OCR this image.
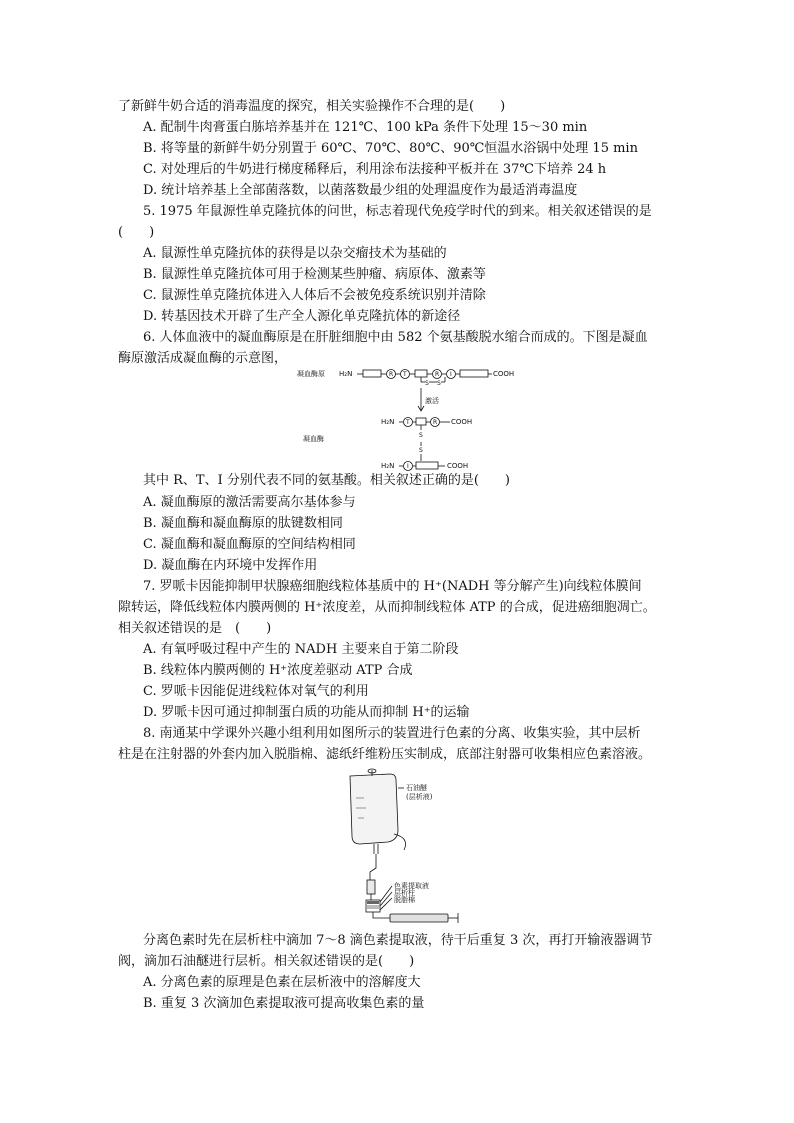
了新鲜牛奶合适的消毒温度的探究，相关实验操作不合理的是(　　)
A. 配制牛肉膏蛋白胨培养基并在 121℃、100 kPa 条件下处理 15～30 min
B. 将等量的新鲜牛奶分别置于 60℃、70℃、80℃、90℃恒温水浴锅中处理 15 min
C. 对处理后的牛奶进行梯度稀释后，利用涂布法接种平板并在 37℃下培养 24 h
D. 统计培养基上全部菌落数，以菌落数最少组的处理温度作为最适消毒温度
5. 1975 年鼠源性单克隆抗体的问世，标志着现代免疫学时代的到来。相关叙述错误的是
(　　)
A. 鼠源性单克隆抗体的获得是以杂交瘤技术为基础的
B. 鼠源性单克隆抗体可用于检测某些肿瘤、病原体、激素等
C. 鼠源性单克隆抗体进入人体后不会被免疫系统识别并清除
D. 转基因技术开辟了生产全人源化单克隆抗体的新途径
6. 人体血液中的凝血酶原是在肝脏细胞中由 582 个氨基酸脱水缩合而成的。下图是凝血
酶原激活成凝血酶的示意图，
凝血酶原 H₂N	COOH
激活
凝血酶
H₂N	COOH
H₂N	COOH
R T	R I
S S
T	R
S
S
I
其中 R、T、I 分别代表不同的氨基酸。相关叙述正确的是(　　)
A. 凝血酶原的激活需要高尔基体参与
B. 凝血酶和凝血酶原的肽键数相同
C. 凝血酶和凝血酶原的空间结构相同
D. 凝血酶在内环境中发挥作用
7. 罗哌卡因能抑制甲状腺癌细胞线粒体基质中的 H⁺(NADH 等分解产生)向线粒体膜间
隙转运，降低线粒体内膜两侧的 H⁺浓度差，从而抑制线粒体 ATP 的合成，促进癌细胞凋亡。
相关叙述错误的是　(　　)
A. 有氧呼吸过程中产生的 NADH 主要来自于第二阶段
B. 线粒体内膜两侧的 H⁺浓度差驱动 ATP 合成
C. 罗哌卡因能促进线粒体对氧气的利用
D. 罗哌卡因可通过抑制蛋白质的功能从而抑制 H⁺的运输
8. 南通某中学课外兴趣小组利用如图所示的装置进行色素的分离、收集实验，其中层析
柱是在注射器的外套内加入脱脂棉、滤纸纤维粉压实制成，底部注射器可收集相应色素溶液。
石油醚
(层析液)
色素提取液
层析柱
脱脂棉
分离色素时先在层析柱中滴加 7～8 滴色素提取液，待干后重复 3 次，再打开输液器调节
阀，滴加石油醚进行层析。相关叙述错误的是(　　)
A. 分离色素的原理是色素在层析液中的溶解度大
B. 重复 3 次滴加色素提取液可提高收集色素的量
